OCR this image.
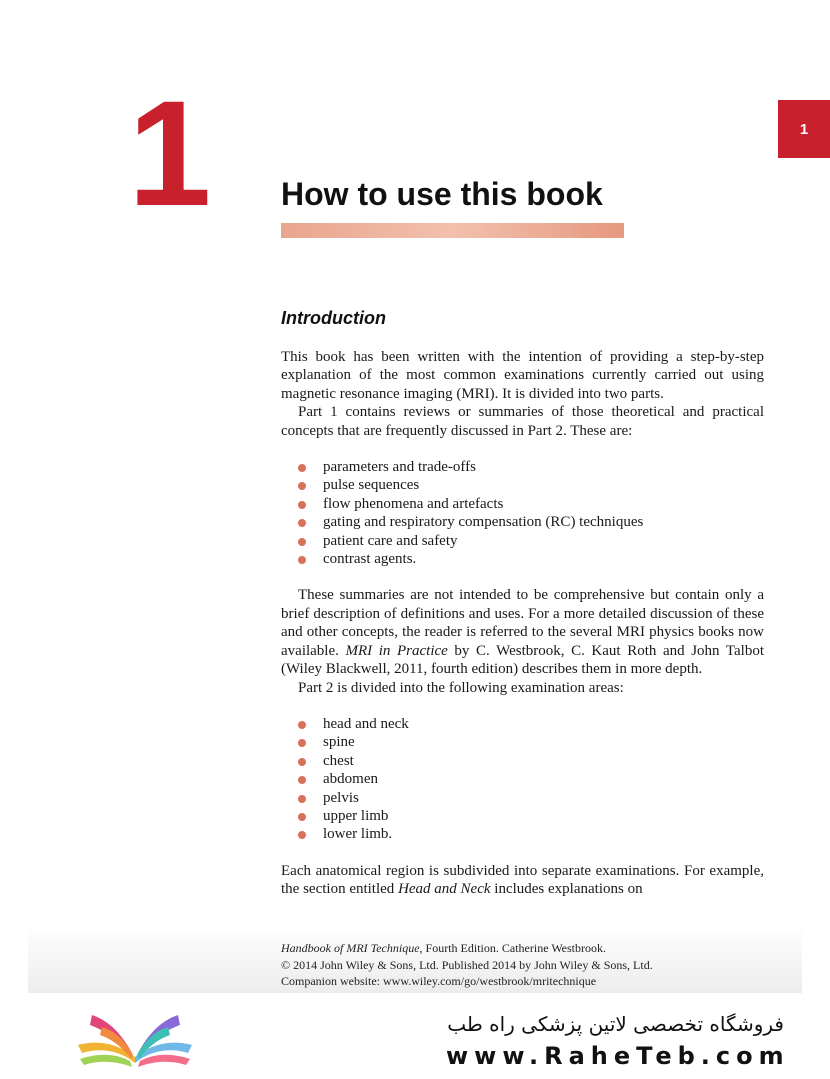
1	1
How to use this book
Introduction

This book has been written with the intention of providing a step-by-step explanation of the most common examinations currently carried out using magnetic resonance imaging (MRI). It is divided into two parts.

Part 1 contains reviews or summaries of those theoretical and practical concepts that are frequently discussed in Part 2. These are:

parameters and trade-offs
pulse sequences
flow phenomena and artefacts
gating and respiratory compensation (RC) techniques
patient care and safety
contrast agents.

These summaries are not intended to be comprehensive but contain only a brief description of definitions and uses. For a more detailed discussion of these and other concepts, the reader is referred to the several MRI physics books now available. MRI in Practice by C. Westbrook, C. Kaut Roth and John Talbot (Wiley Blackwell, 2011, fourth edition) describes them in more depth.

Part 2 is divided into the following examination areas:

head and neck
spine
chest
abdomen
pelvis
upper limb
lower limb.

Each anatomical region is subdivided into separate examinations. For example, the section entitled Head and Neck includes explanations on

Handbook of MRI Technique, Fourth Edition. Catherine Westbrook.
© 2014 John Wiley & Sons, Ltd. Published 2014 by John Wiley & Sons, Ltd.
Companion website: www.wiley.com/go/westbrook/mritechnique
فروشگاه تخصصی لاتین پزشکی راه طب
www.RaheTeb.com
